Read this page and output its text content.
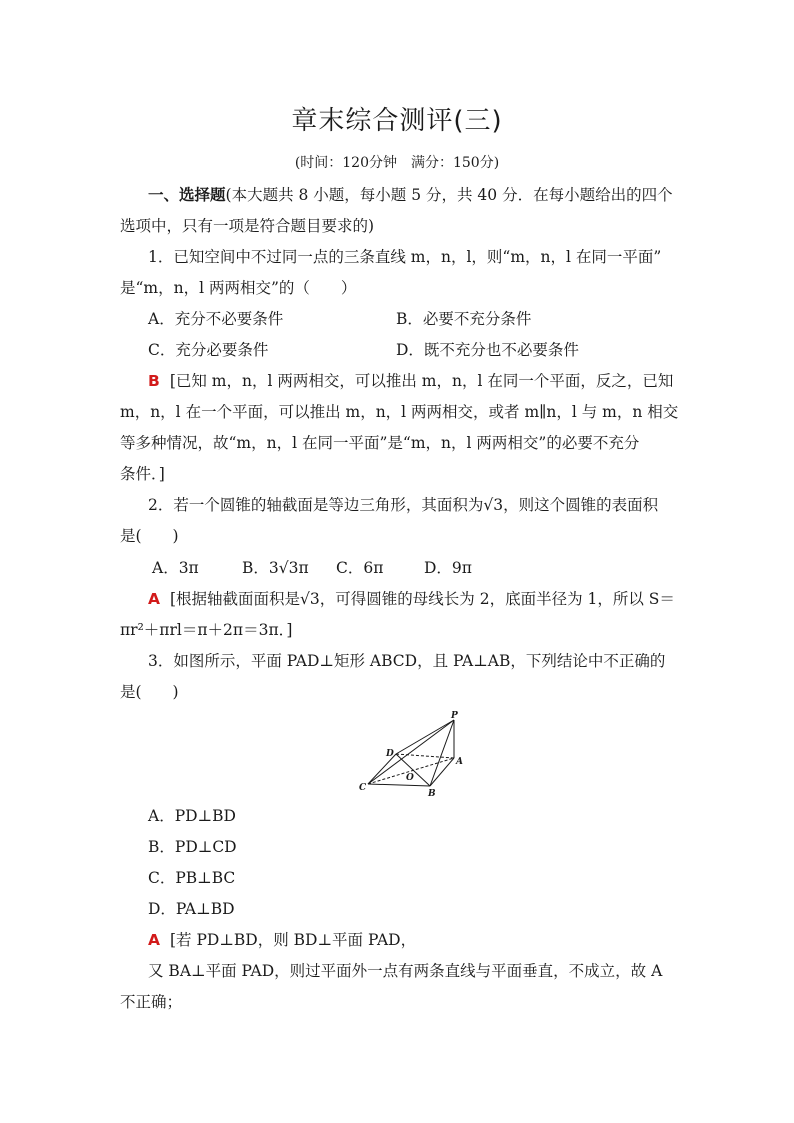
章末综合测评(三)
(时间：120分钟　满分：150分)
一、选择题(本大题共 8 小题，每小题 5 分，共 40 分．在每小题给出的四个
选项中，只有一项是符合题目要求的)
1．已知空间中不过同一点的三条直线 m，n，l，则“m，n，l 在同一平面”
是“m，n，l 两两相交”的（　　）
A．充分不必要条件	B．必要不充分条件
C．充分必要条件	D．既不充分也不必要条件
B [已知 m，n，l 两两相交，可以推出 m，n，l 在同一个平面，反之，已知
m，n，l 在一个平面，可以推出 m，n，l 两两相交，或者 m∥n，l 与 m，n 相交
等多种情况，故“m，n，l 在同一平面”是“m，n，l 两两相交”的必要不充分
条件．]
2．若一个圆锥的轴截面是等边三角形，其面积为√3，则这个圆锥的表面积
是(　　)
A．3π	B．3√3π	C．6π	D．9π
A [根据轴截面面积是√3，可得圆锥的母线长为 2，底面半径为 1，所以 S＝
πr²＋πrl＝π＋2π＝3π．]
3．如图所示，平面 PAD⊥矩形 ABCD，且 PA⊥AB，下列结论中不正确的
是(　　)
P
D
A
O
C
B
A．PD⊥BD
B．PD⊥CD
C．PB⊥BC
D．PA⊥BD
A [若 PD⊥BD，则 BD⊥平面 PAD，
又 BA⊥平面 PAD，则过平面外一点有两条直线与平面垂直，不成立，故 A
不正确；
